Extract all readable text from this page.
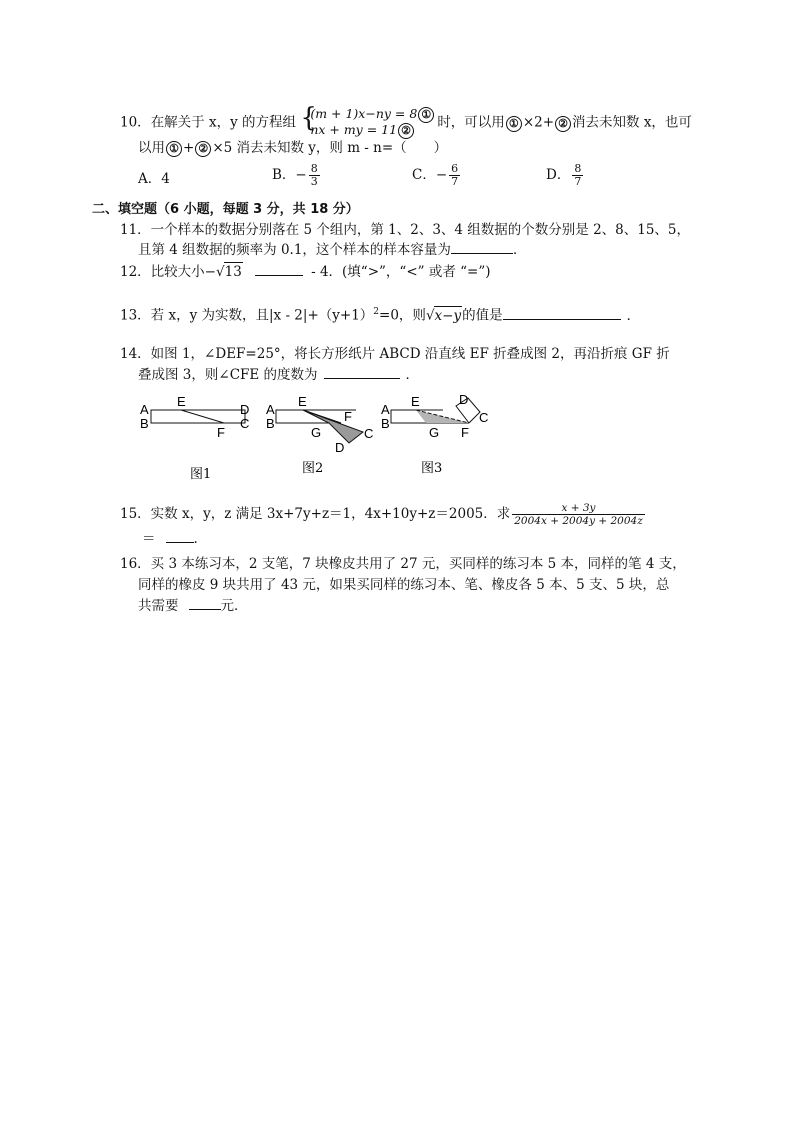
10．在解关于 x，y 的方程组
{ (m + 1)x−ny = 8 ①
nx + my = 11 ②	时，可以用 ① ×2+ ② 消去未知数 x，也可
以用 ① + ② ×5 消去未知数 y，则 m - n=（　　）
A．4	B．− $\frac{8}{3}$	C．− $\frac{6}{7}$	D． $\frac{8}{7}$
二、填空题（6 小题，每题 3 分，共 18 分）
11．一个样本的数据分别落在 5 个组内，第 1、2、3、4 组数据的个数分别是 2、8、15、5，
且第 4 组数据的频率为 0.1，这个样本的样本容量为	．
12．比较大小−√13	- 4．(填“>”，“<” 或者 “=”)
13．若 x，y 为实数，且$|x - 2|+(y+1)^2=0$，则√x−y的值是	．
14．如图 1，∠DEF=25°，将长方形纸片 ABCD 沿直线 EF 折叠成图 2，再沿折痕 GF 折
叠成图 3，则∠CFE 的度数为	．
A
B
E
D
C
F
图1
A
B
E
F
G	C
D
图2
A
B
E	D
C
G F
图3
15．实数 x，y，z 满足 3x+7y+z＝1，4x+10y+z＝2005．求 $\frac{x + 3y}{2004x + 2004y + 2004z}$
＝	.
16．买 3 本练习本，2 支笔，7 块橡皮共用了 27 元，买同样的练习本 5 本，同样的笔 4 支，
同样的橡皮 9 块共用了 43 元，如果买同样的练习本、笔、橡皮各 5 本、5 支、5 块，总
共需要	元．
